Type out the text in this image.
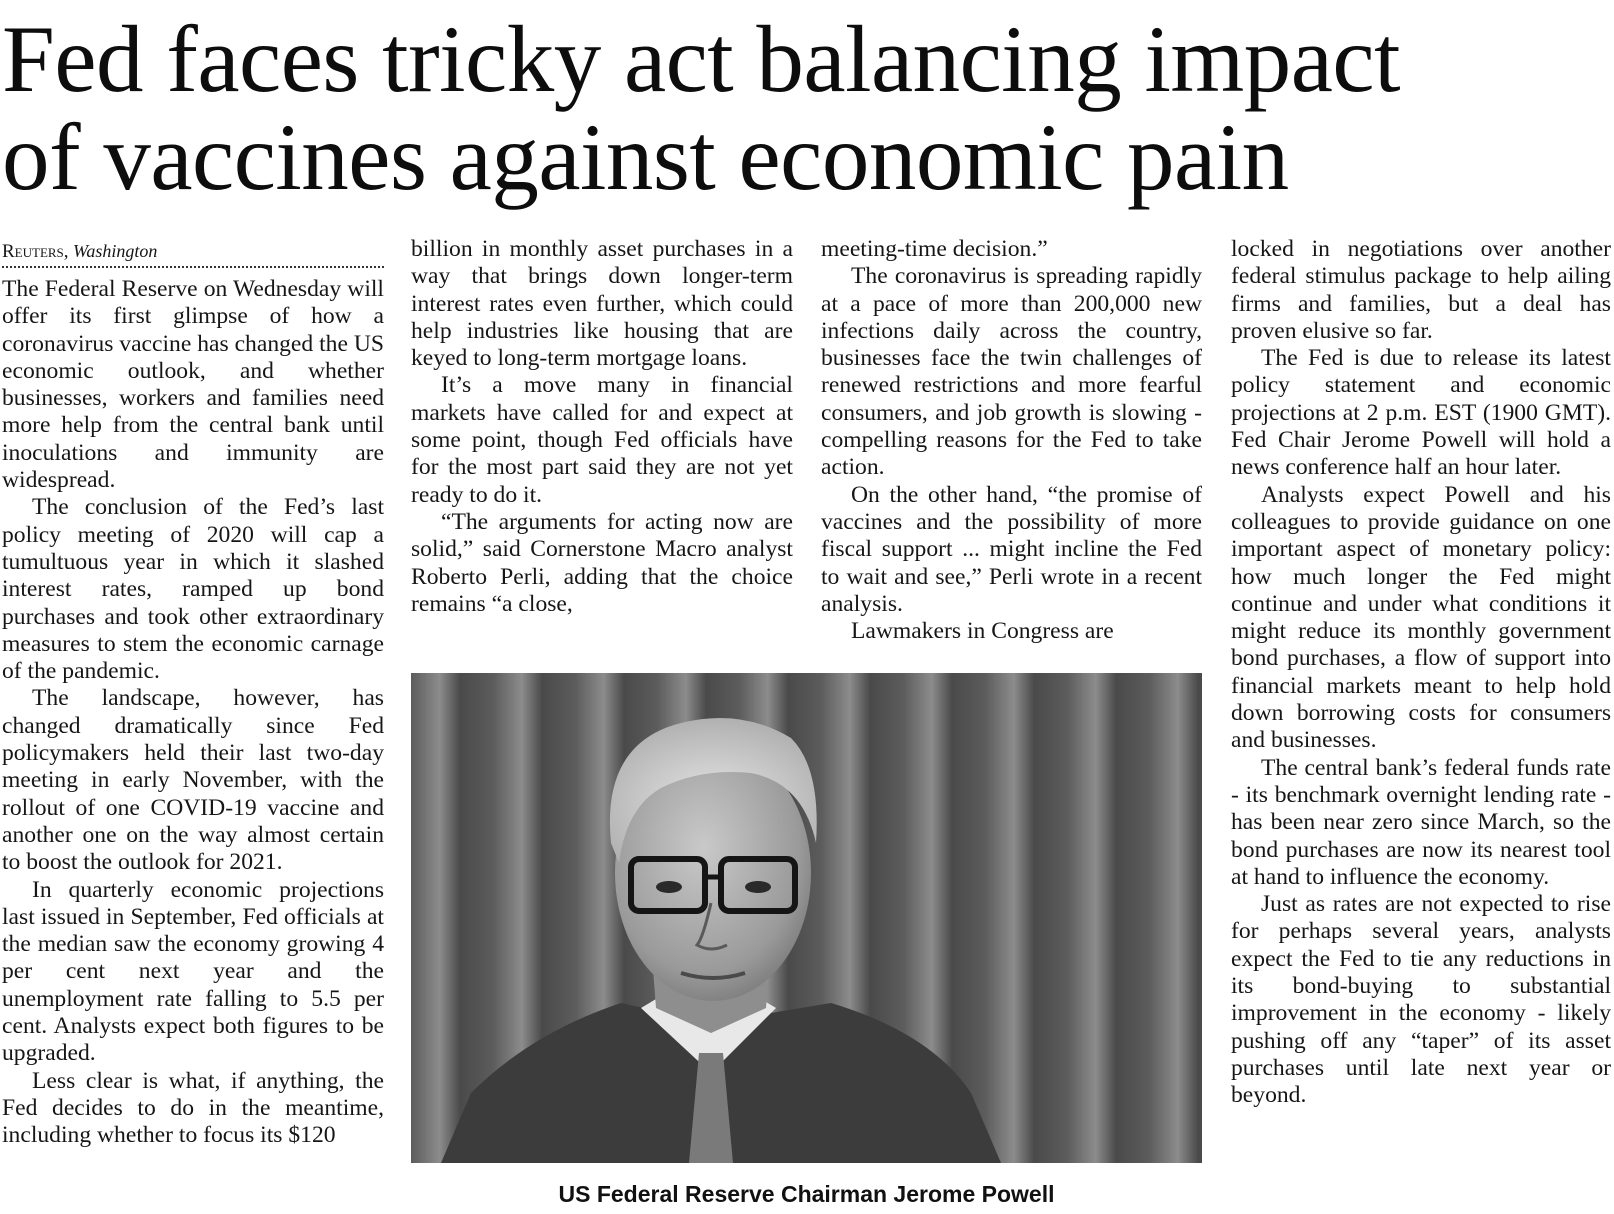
Fed faces tricky act balancing impact
of vaccines against economic pain
Reuters, Washington

The Federal Reserve on Wednesday will offer its first glimpse of how a coronavirus vaccine has changed the US economic outlook, and whether businesses, workers and families need more help from the central bank until inoculations and immunity are widespread.

The conclusion of the Fed’s last policy meeting of 2020 will cap a tumultuous year in which it slashed interest rates, ramped up bond purchases and took other extraordinary measures to stem the economic carnage of the pandemic.

The landscape, however, has changed dramatically since Fed policymakers held their last two-day meeting in early November, with the rollout of one COVID-19 vaccine and another one on the way almost certain to boost the outlook for 2021.

In quarterly economic projections last issued in September, Fed officials at the median saw the economy growing 4 per cent next year and the unemployment rate falling to 5.5 per cent. Analysts expect both figures to be upgraded.

Less clear is what, if anything, the Fed decides to do in the meantime, including whether to focus its $120

billion in monthly asset purchases in a way that brings down longer-term interest rates even further, which could help industries like housing that are keyed to long-term mortgage loans.

It’s a move many in financial markets have called for and expect at some point, though Fed officials have for the most part said they are not yet ready to do it.

“The arguments for acting now are solid,” said Cornerstone Macro analyst Roberto Perli, adding that the choice remains “a close,

meeting-time decision.”

The coronavirus is spreading rapidly at a pace of more than 200,000 new infections daily across the country, businesses face the twin challenges of renewed restrictions and more fearful consumers, and job growth is slowing - compelling reasons for the Fed to take action.

On the other hand, “the promise of vaccines and the possibility of more fiscal support ... might incline the Fed to wait and see,” Perli wrote in a recent analysis.

Lawmakers in Congress are

locked in negotiations over another federal stimulus package to help ailing firms and families, but a deal has proven elusive so far.

The Fed is due to release its latest policy statement and economic projections at 2 p.m. EST (1900 GMT). Fed Chair Jerome Powell will hold a news conference half an hour later.

Analysts expect Powell and his colleagues to provide guidance on one important aspect of monetary policy: how much longer the Fed might continue and under what conditions it might reduce its monthly government bond purchases, a flow of support into financial markets meant to help hold down borrowing costs for consumers and businesses.

The central bank’s federal funds rate - its benchmark overnight lending rate - has been near zero since March, so the bond purchases are now its nearest tool at hand to influence the economy.

Just as rates are not expected to rise for perhaps several years, analysts expect the Fed to tie any reductions in its bond-buying to substantial improvement in the economy - likely pushing off any “taper” of its asset purchases until late next year or beyond.

US Federal Reserve Chairman Jerome Powell
